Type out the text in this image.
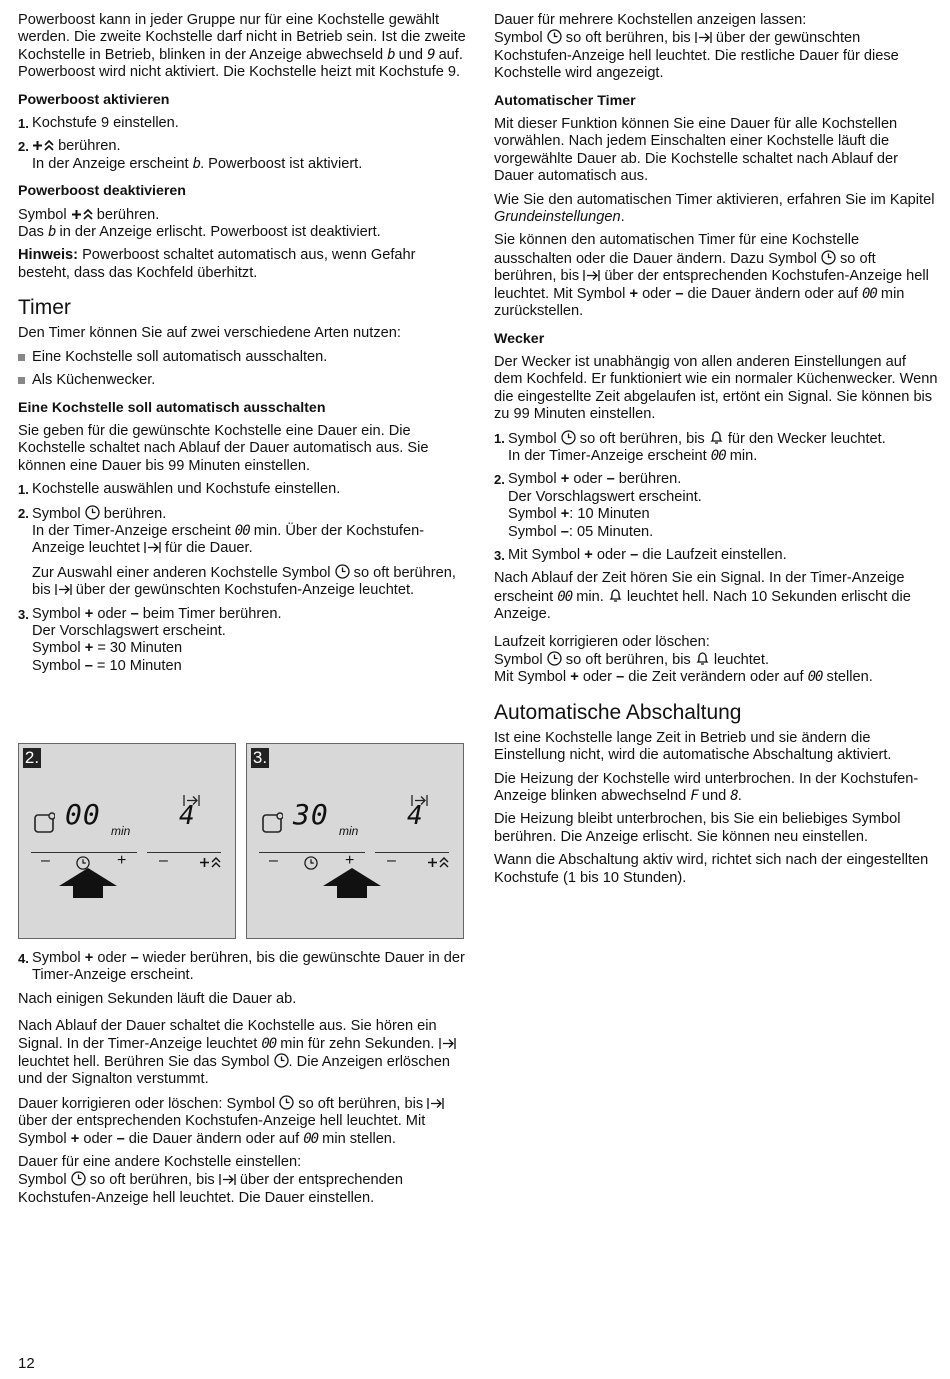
Powerboost kann in jeder Gruppe nur für eine Kochstelle gewählt werden. Die zweite Kochstelle darf nicht in Betrieb sein. Ist die zweite Kochstelle in Betrieb, blinken in der Anzeige abwechseld b und 9 auf. Powerboost wird nicht aktiviert. Die Kochstelle heizt mit Kochstufe 9.

Powerboost aktivieren
1. Kochstufe 9 einstellen.
2. berühren.
In der Anzeige erscheint b. Powerboost ist aktiviert.
Powerboost deaktivieren

Symbol berühren.
Das b in der Anzeige erlischt. Powerboost ist deaktiviert.

Hinweis: Powerboost schaltet automatisch aus, wenn Gefahr besteht, dass das Kochfeld überhitzt.

Timer

Den Timer können Sie auf zwei verschiedene Arten nutzen:

Eine Kochstelle soll automatisch ausschalten.
Als Küchenwecker.
Eine Kochstelle soll automatisch ausschalten

Sie geben für die gewünschte Kochstelle eine Dauer ein. Die Kochstelle schaltet nach Ablauf der Dauer automatisch aus. Sie können eine Dauer bis 99 Minuten einstellen.

1. Kochstelle auswählen und Kochstufe einstellen.
2. Symbol berühren.
In der Timer-Anzeige erscheint 00 min. Über der Kochstufen-Anzeige leuchtet für die Dauer.
Zur Auswahl einer anderen Kochstelle Symbol so oft berühren, bis über der gewünschten Kochstufen-Anzeige leuchtet.
3. Symbol + oder – beim Timer berühren.
Der Vorschlagswert erscheint.
Symbol + = 30 Minuten
Symbol – = 10 Minuten
2.
00 min 4
–	+ –
3.
30 min 4
–	+ –
4. Symbol + oder – wieder berühren, bis die gewünschte Dauer in der Timer-Anzeige erscheint.

Nach einigen Sekunden läuft die Dauer ab.

Nach Ablauf der Dauer schaltet die Kochstelle aus. Sie hören ein Signal. In der Timer-Anzeige leuchtet 00 min für zehn Sekunden.  leuchtet hell. Berühren Sie das Symbol . Die Anzeigen erlöschen und der Signalton verstummt.

Dauer korrigieren oder löschen: Symbol so oft berühren, bis  über der entsprechenden Kochstufen-Anzeige hell leuchtet. Mit Symbol + oder – die Dauer ändern oder auf 00 min stellen.

Dauer für eine andere Kochstelle einstellen:
Symbol so oft berühren, bis über der entsprechenden Kochstufen-Anzeige hell leuchtet. Die Dauer einstellen.

Dauer für mehrere Kochstellen anzeigen lassen:
Symbol so oft berühren, bis über der gewünschten Kochstufen-Anzeige hell leuchtet. Die restliche Dauer für diese Kochstelle wird angezeigt.

Automatischer Timer

Mit dieser Funktion können Sie eine Dauer für alle Kochstellen vorwählen. Nach jedem Einschalten einer Kochstelle läuft die vorgewählte Dauer ab. Die Kochstelle schaltet nach Ablauf der Dauer automatisch aus.

Wie Sie den automatischen Timer aktivieren, erfahren Sie im Kapitel Grundeinstellungen.

Sie können den automatischen Timer für eine Kochstelle ausschalten oder die Dauer ändern. Dazu Symbol so oft berühren, bis über der entsprechenden Kochstufen-Anzeige hell leuchtet. Mit Symbol + oder – die Dauer ändern oder auf 00 min zurückstellen.

Wecker

Der Wecker ist unabhängig von allen anderen Einstellungen auf dem Kochfeld. Er funktioniert wie ein normaler Küchenwecker. Wenn die eingestellte Zeit abgelaufen ist, ertönt ein Signal. Sie können bis zu 99 Minuten einstellen.

1. Symbol so oft berühren, bis für den Wecker leuchtet.
In der Timer-Anzeige erscheint 00 min.
2. Symbol + oder – berühren.
Der Vorschlagswert erscheint.
Symbol +: 10 Minuten
Symbol –: 05 Minuten.
3. Mit Symbol + oder – die Laufzeit einstellen.

Nach Ablauf der Zeit hören Sie ein Signal. In der Timer-Anzeige erscheint 00 min. leuchtet hell. Nach 10 Sekunden erlischt die Anzeige.

Laufzeit korrigieren oder löschen:
Symbol so oft berühren, bis leuchtet.
Mit Symbol + oder – die Zeit verändern oder auf 00 stellen.

Automatische Abschaltung

Ist eine Kochstelle lange Zeit in Betrieb und sie ändern die Einstellung nicht, wird die automatische Abschaltung aktiviert.

Die Heizung der Kochstelle wird unterbrochen. In der Kochstufen-Anzeige blinken abwechselnd F und 8.

Die Heizung bleibt unterbrochen, bis Sie ein beliebiges Symbol berühren. Die Anzeige erlischt. Sie können neu einstellen.

Wann die Abschaltung aktiv wird, richtet sich nach der eingestellten Kochstufe (1 bis 10 Stunden).

12
